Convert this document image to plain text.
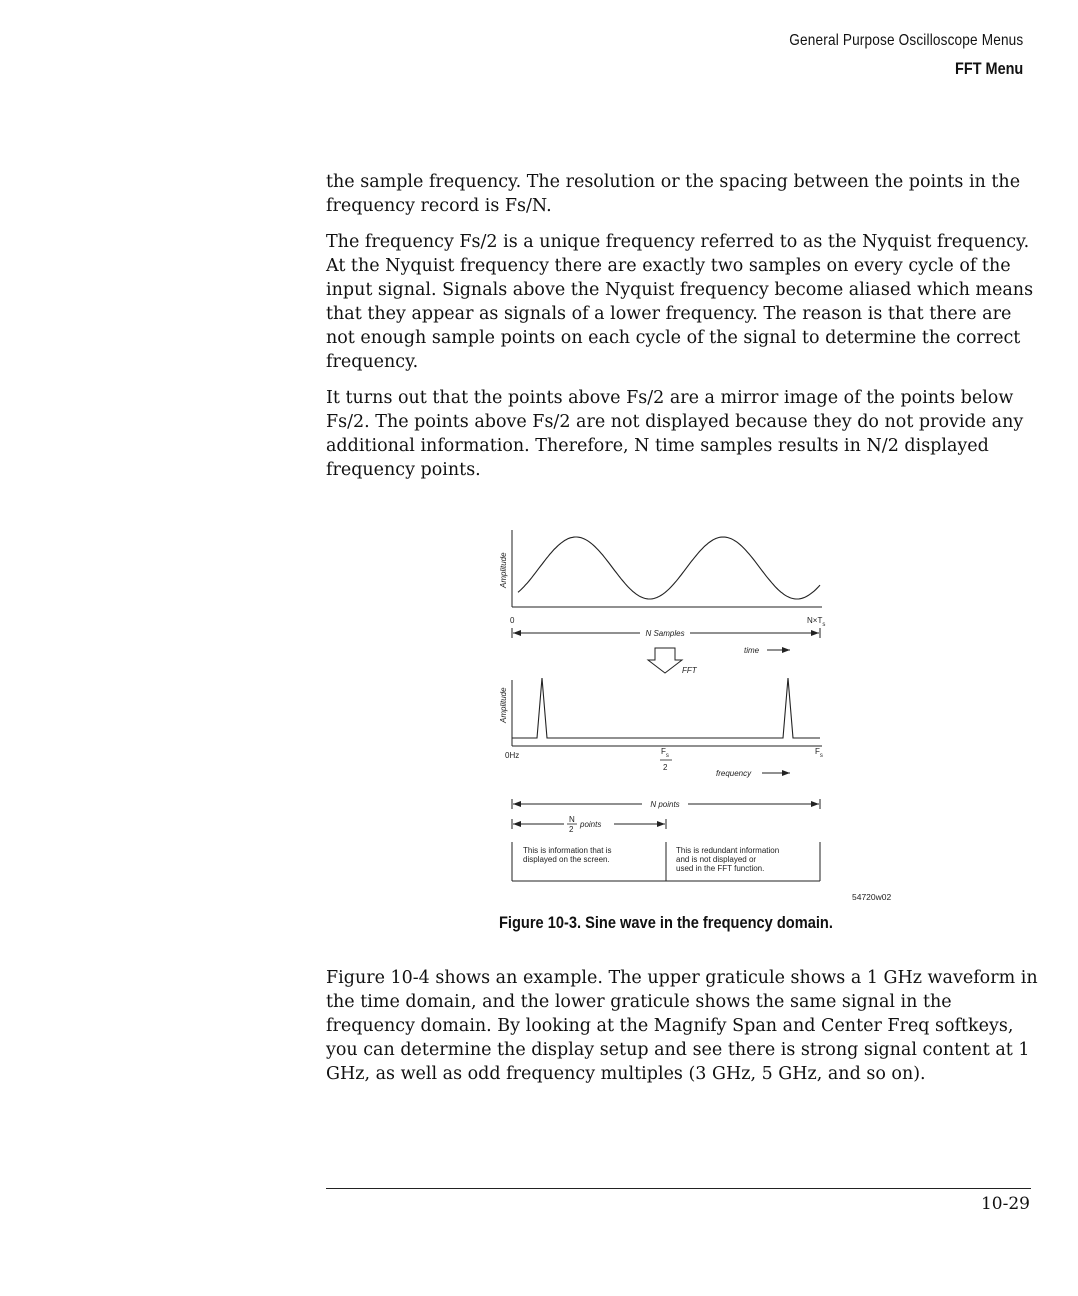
General Purpose Oscilloscope Menus
FFT Menu

the sample frequency. The resolution or the spacing between the points in the frequency record is Fs/N.

The frequency Fs/2 is a unique frequency referred to as the Nyquist frequency. At the Nyquist frequency there are exactly two samples on every cycle of the input signal. Signals above the Nyquist frequency become aliased which means that they appear as signals of a lower frequency. The reason is that there are not enough sample points on each cycle of the signal to determine the correct frequency.

It turns out that the points above Fs/2 are a mirror image of the points below Fs/2. The points above Fs/2 are not displayed because they do not provide any additional information. Therefore, N time samples results in N/2 displayed frequency points.

Amplitude
0	$N\times T_s$
N Samples
time
FFT
Amplitude
0Hz	$F_s$
2
$F_s$
frequency
N points
N
2
points
This is information that is
displayed on the screen.
This is redundant information
and is not displayed or
used in the FFT function.
54720w02
Figure 10-3. Sine wave in the frequency domain.

Figure 10-4 shows an example. The upper graticule shows a 1 GHz waveform in the time domain, and the lower graticule shows the same signal in the frequency domain. By looking at the Magnify Span and Center Freq softkeys, you can determine the display setup and see there is strong signal content at 1 GHz, as well as odd frequency multiples (3 GHz, 5 GHz, and so on).

10-29
